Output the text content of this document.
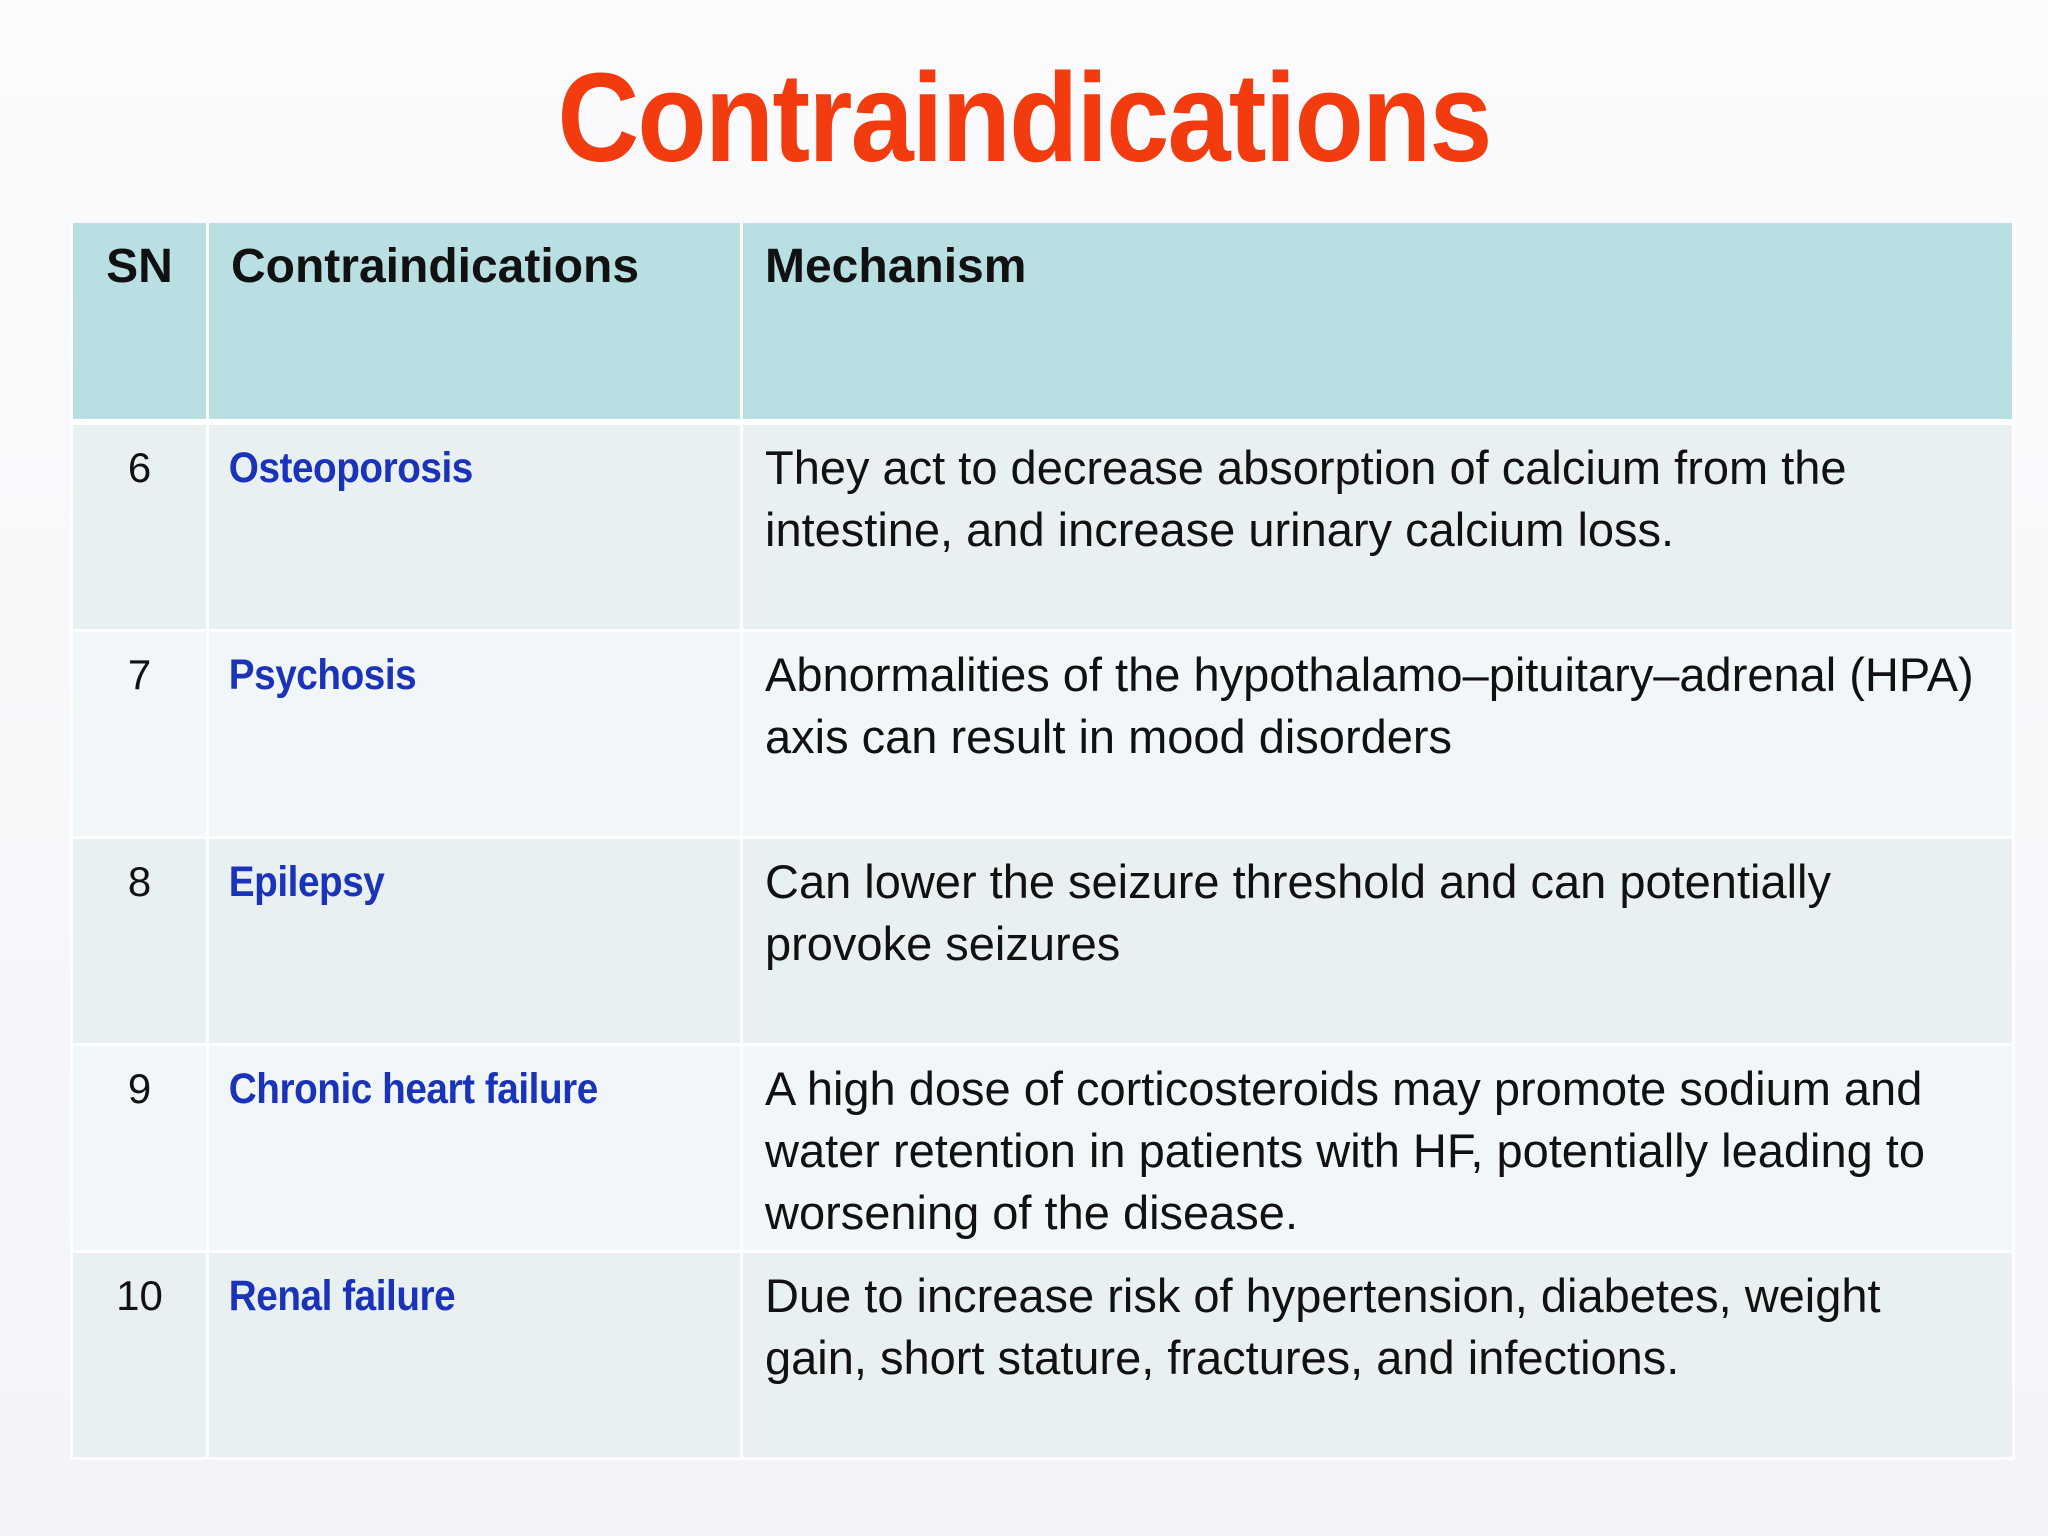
Contraindications
SN	Contraindications	Mechanism

6	Osteoporosis	They act to decrease absorption of calcium from the intestine, and increase urinary calcium loss.

7	Psychosis	Abnormalities of the hypothalamo–pituitary–adrenal (HPA) axis can result in mood disorders

8	Epilepsy	Can lower the seizure threshold and can potentially provoke seizures

9	Chronic heart failure	A high dose of corticosteroids may promote sodium and water retention in patients with HF, potentially leading to worsening of the disease.

10	Renal failure	Due to increase risk of hypertension, diabetes, weight gain, short stature, fractures, and infections.
